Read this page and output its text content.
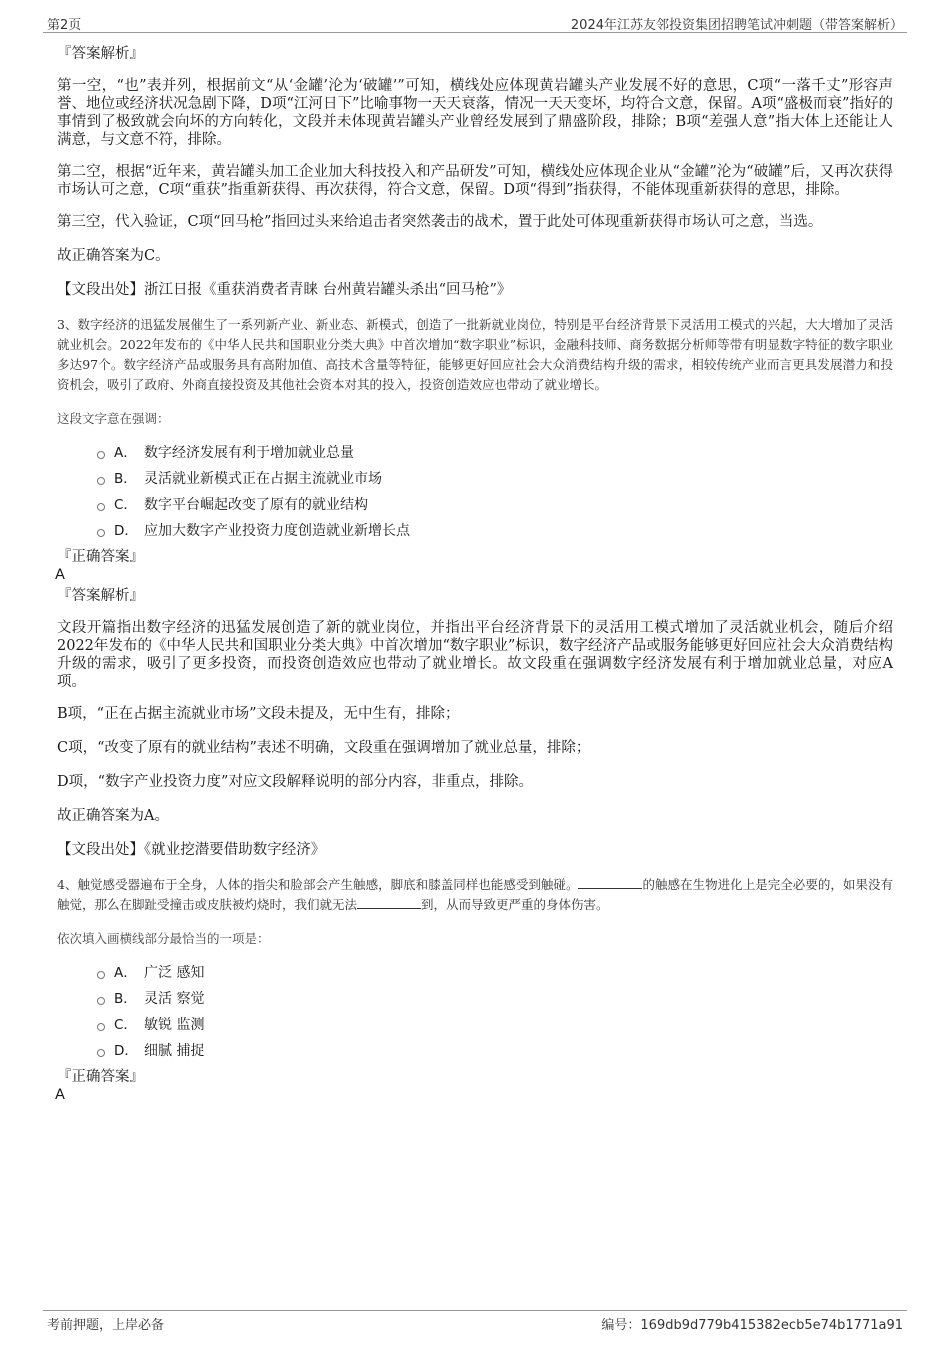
第2页	2024年江苏友邻投资集团招聘笔试冲刺题（带答案解析）

『答案解析』

第一空，“也”表并列，根据前文“从‘金罐’沦为‘破罐’”可知，横线处应体现黄岩罐头产业发展不好的意思，C项“一落千丈”形容声誉、地位或经济状况急剧下降，D项“江河日下”比喻事物一天天衰落，情况一天天变坏，均符合文意，保留。A项“盛极而衰”指好的事情到了极致就会向坏的方向转化，文段并未体现黄岩罐头产业曾经发展到了鼎盛阶段，排除；B项“差强人意”指大体上还能让人满意，与文意不符，排除。

第二空，根据“近年来，黄岩罐头加工企业加大科技投入和产品研发”可知，横线处应体现企业从“金罐”沦为“破罐”后，又再次获得市场认可之意，C项“重获”指重新获得、再次获得，符合文意，保留。D项“得到”指获得，不能体现重新获得的意思，排除。

第三空，代入验证，C项“回马枪”指回过头来给追击者突然袭击的战术，置于此处可体现重新获得市场认可之意，当选。

故正确答案为C。

【文段出处】浙江日报《重获消费者青睐 台州黄岩罐头杀出“回马枪”》

3、数字经济的迅猛发展催生了一系列新产业、新业态、新模式，创造了一批新就业岗位，特别是平台经济背景下灵活用工模式的兴起，大大增加了灵活就业机会。2022年发布的《中华人民共和国职业分类大典》中首次增加“数字职业”标识，金融科技师、商务数据分析师等带有明显数字特征的数字职业多达97个。数字经济产品或服务具有高附加值、高技术含量等特征，能够更好回应社会大众消费结构升级的需求，相较传统产业而言更具发展潜力和投资机会，吸引了政府、外商直接投资及其他社会资本对其的投入，投资创造效应也带动了就业增长。

这段文字意在强调：

A． 数字经济发展有利于增加就业总量
B． 灵活就业新模式正在占据主流就业市场
C． 数字平台崛起改变了原有的就业结构
D． 应加大数字产业投资力度创造就业新增长点

『正确答案』

A

『答案解析』

文段开篇指出数字经济的迅猛发展创造了新的就业岗位，并指出平台经济背景下的灵活用工模式增加了灵活就业机会，随后介绍2022年发布的《中华人民共和国职业分类大典》中首次增加“数字职业”标识，数字经济产品或服务能够更好回应社会大众消费结构升级的需求，吸引了更多投资，而投资创造效应也带动了就业增长。故文段重在强调数字经济发展有利于增加就业总量，对应A项。

B项，“正在占据主流就业市场”文段未提及，无中生有，排除；

C项，“改变了原有的就业结构”表述不明确，文段重在强调增加了就业总量，排除；

D项，“数字产业投资力度”对应文段解释说明的部分内容，非重点，排除。

故正确答案为A。

【文段出处】《就业挖潜要借助数字经济》

4、触觉感受器遍布于全身，人体的指尖和脸部会产生触感，脚底和膝盖同样也能感受到触碰。	的触感在生物进化上是完全必要的，如果没有触觉，那么在脚趾受撞击或皮肤被灼烧时，我们就无法	到，从而导致更严重的身体伤害。

依次填入画横线部分最恰当的一项是：

A． 广泛 感知
B． 灵活 察觉
C． 敏锐 监测
D． 细腻 捕捉

『正确答案』

A

考前押题，上岸必备	编号：169db9d779b415382ecb5e74b1771a91
